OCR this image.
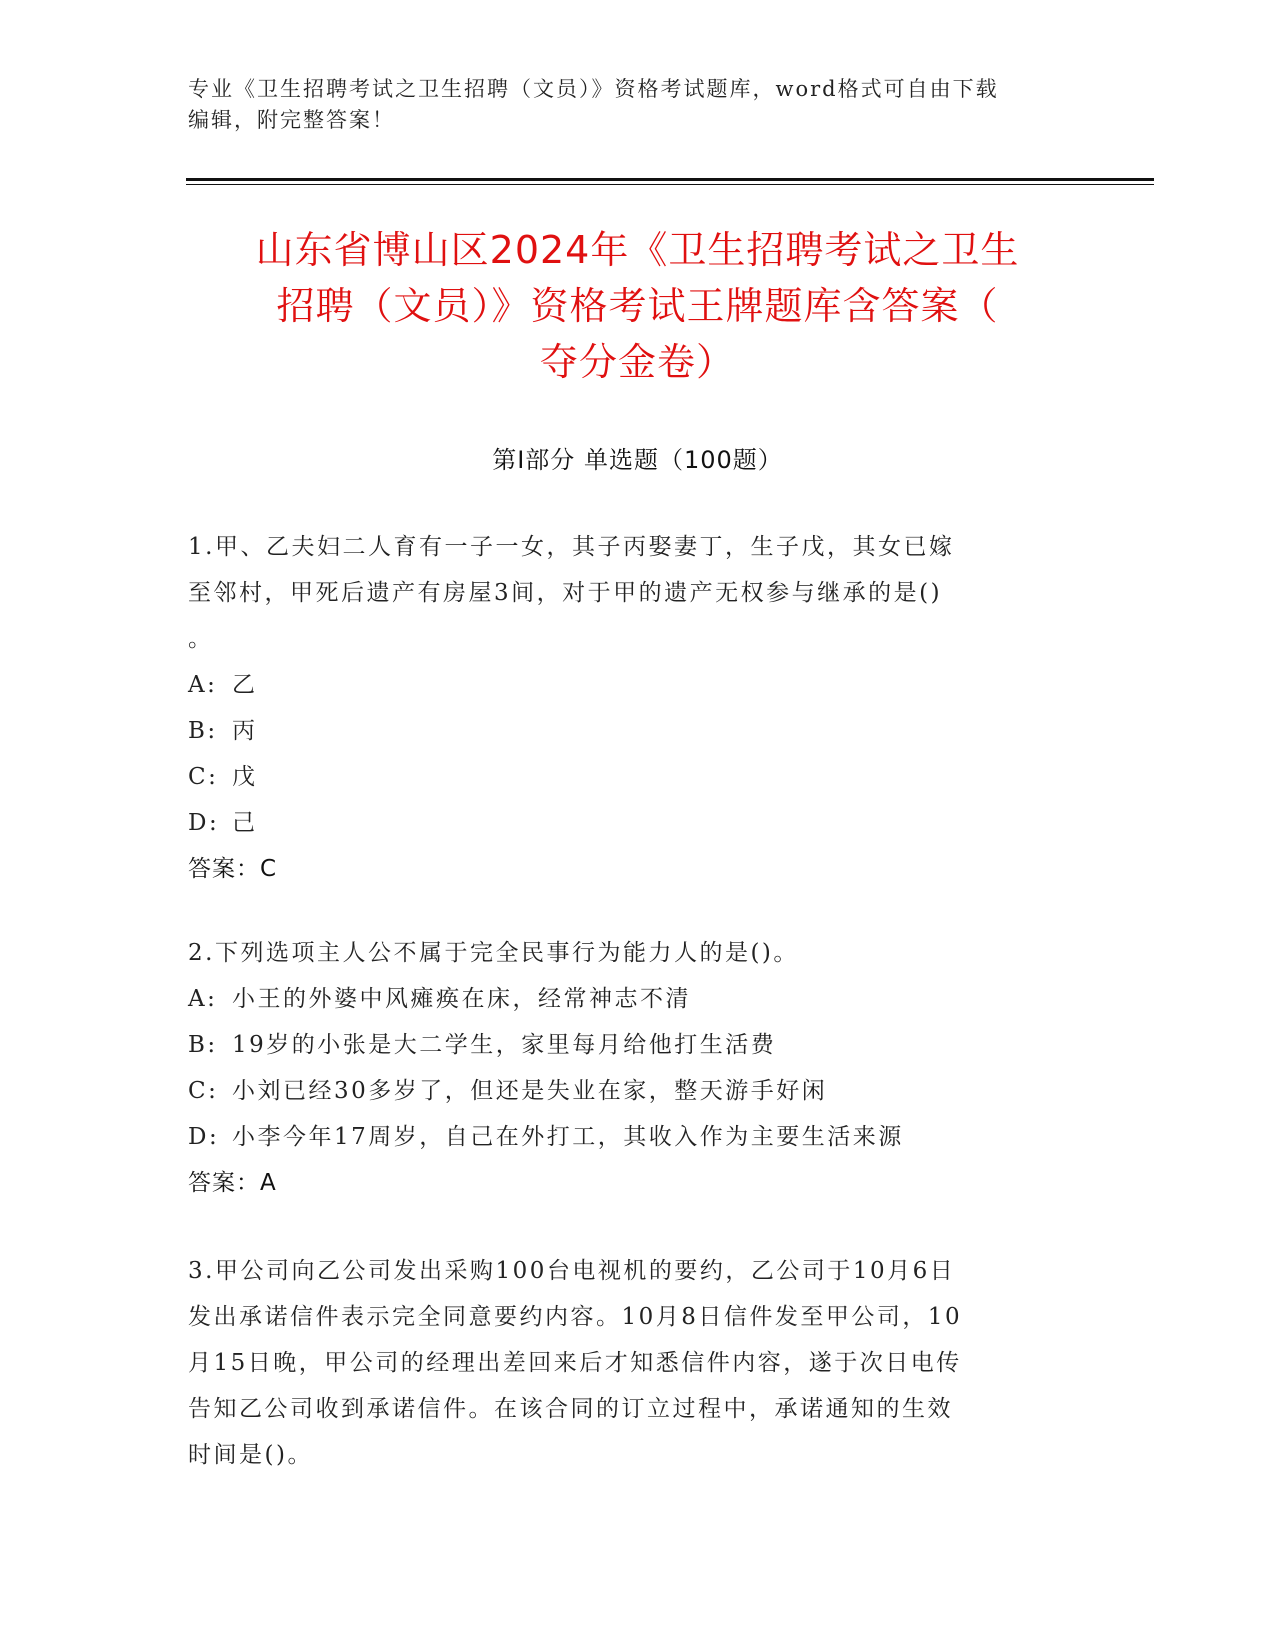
专业《卫生招聘考试之卫生招聘（文员）》资格考试题库，word格式可自由下载

编辑，附完整答案！

山东省博山区2024年《卫生招聘考试之卫生

招聘（文员）》资格考试王牌题库含答案（

夺分金卷）

第Ⅰ部分 单选题（100题）

1.甲、乙夫妇二人育有一子一女，其子丙娶妻丁，生子戊，其女已嫁

至邻村，甲死后遗产有房屋3间，对于甲的遗产无权参与继承的是()

。

A: 乙

B: 丙

C: 戊

D: 己

答案：C

2.下列选项主人公不属于完全民事行为能力人的是()。

A: 小王的外婆中风瘫痪在床，经常神志不清

B: 19岁的小张是大二学生，家里每月给他打生活费

C: 小刘已经30多岁了，但还是失业在家，整天游手好闲

D: 小李今年17周岁，自己在外打工，其收入作为主要生活来源

答案：A

3.甲公司向乙公司发出采购100台电视机的要约，乙公司于10月6日

发出承诺信件表示完全同意要约内容。10月8日信件发至甲公司，10

月15日晚，甲公司的经理出差回来后才知悉信件内容，遂于次日电传

告知乙公司收到承诺信件。在该合同的订立过程中，承诺通知的生效

时间是()。
